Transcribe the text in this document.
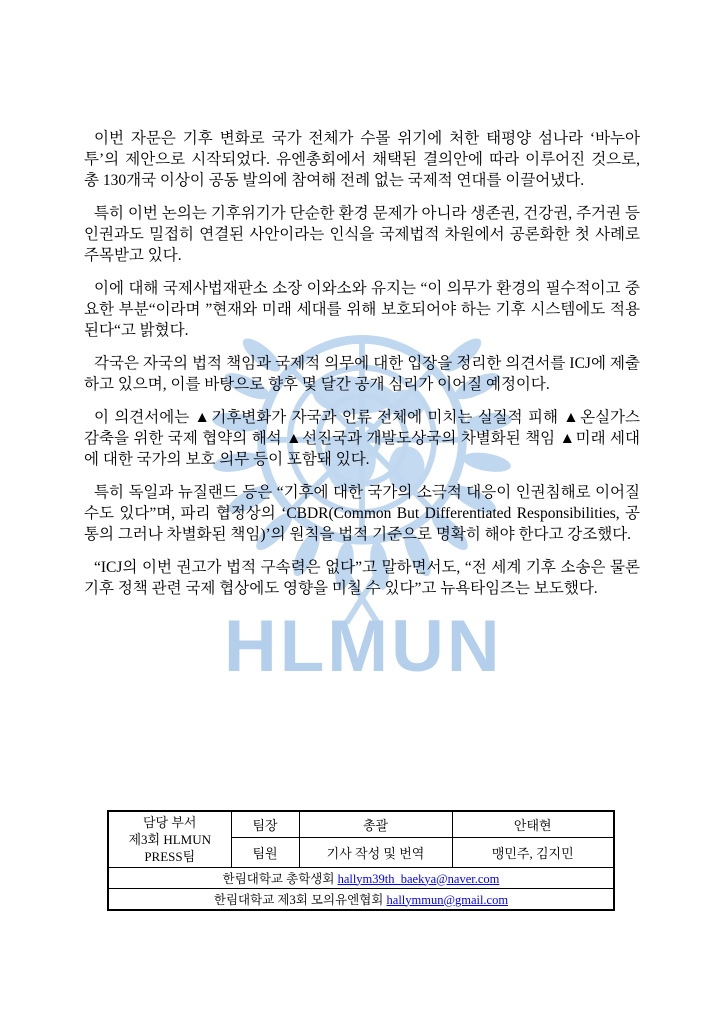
HLMUN

이번 자문은 기후 변화로 국가 전체가 수몰 위기에 처한 태평양 섬나라 ‘바누아투’의 제안으로 시작되었다. 유엔총회에서 채택된 결의안에 따라 이루어진 것으로, 총 130개국 이상이 공동 발의에 참여해 전례 없는 국제적 연대를 이끌어냈다.

특히 이번 논의는 기후위기가 단순한 환경 문제가 아니라 생존권, 건강권, 주거권 등 인권과도 밀접히 연결된 사안이라는 인식을 국제법적 차원에서 공론화한 첫 사례로 주목받고 있다.

이에 대해 국제사법재판소 소장 이와소와 유지는 “이 의무가 환경의 필수적이고 중요한 부분“이라며 ”현재와 미래 세대를 위해 보호되어야 하는 기후 시스템에도 적용된다“고 밝혔다.

각국은 자국의 법적 책임과 국제적 의무에 대한 입장을 정리한 의견서를 ICJ에 제출하고 있으며, 이를 바탕으로 향후 몇 달간 공개 심리가 이어질 예정이다.

이 의견서에는 ▲기후변화가 자국과 인류 전체에 미치는 실질적 피해 ▲온실가스 감축을 위한 국제 협약의 해석 ▲선진국과 개발도상국의 차별화된 책임 ▲미래 세대에 대한 국가의 보호 의무 등이 포함돼 있다.

특히 독일과 뉴질랜드 등은 “기후에 대한 국가의 소극적 대응이 인권침해로 이어질 수도 있다”며, 파리 협정상의 ‘CBDR(Common But Differentiated Responsibilities, 공통의 그러나 차별화된 책임)’의 원칙을 법적 기준으로 명확히 해야 한다고 강조했다.

“ICJ의 이번 권고가 법적 구속력은 없다”고 말하면서도, “전 세계 기후 소송은 물론 기후 정책 관련 국제 협상에도 영향을 미칠 수 있다”고 뉴욕타임즈는 보도했다.

담당 부서
제3회 HLMUN
PRESS팀	팀장	총괄	안태현
	팀원	기사 작성 및 번역	맹민주, 김지민
한림대학교 총학생회 hallym39th_baekya@naver.com			
한림대학교 제3회 모의유엔협회 hallymmun@gmail.com			
